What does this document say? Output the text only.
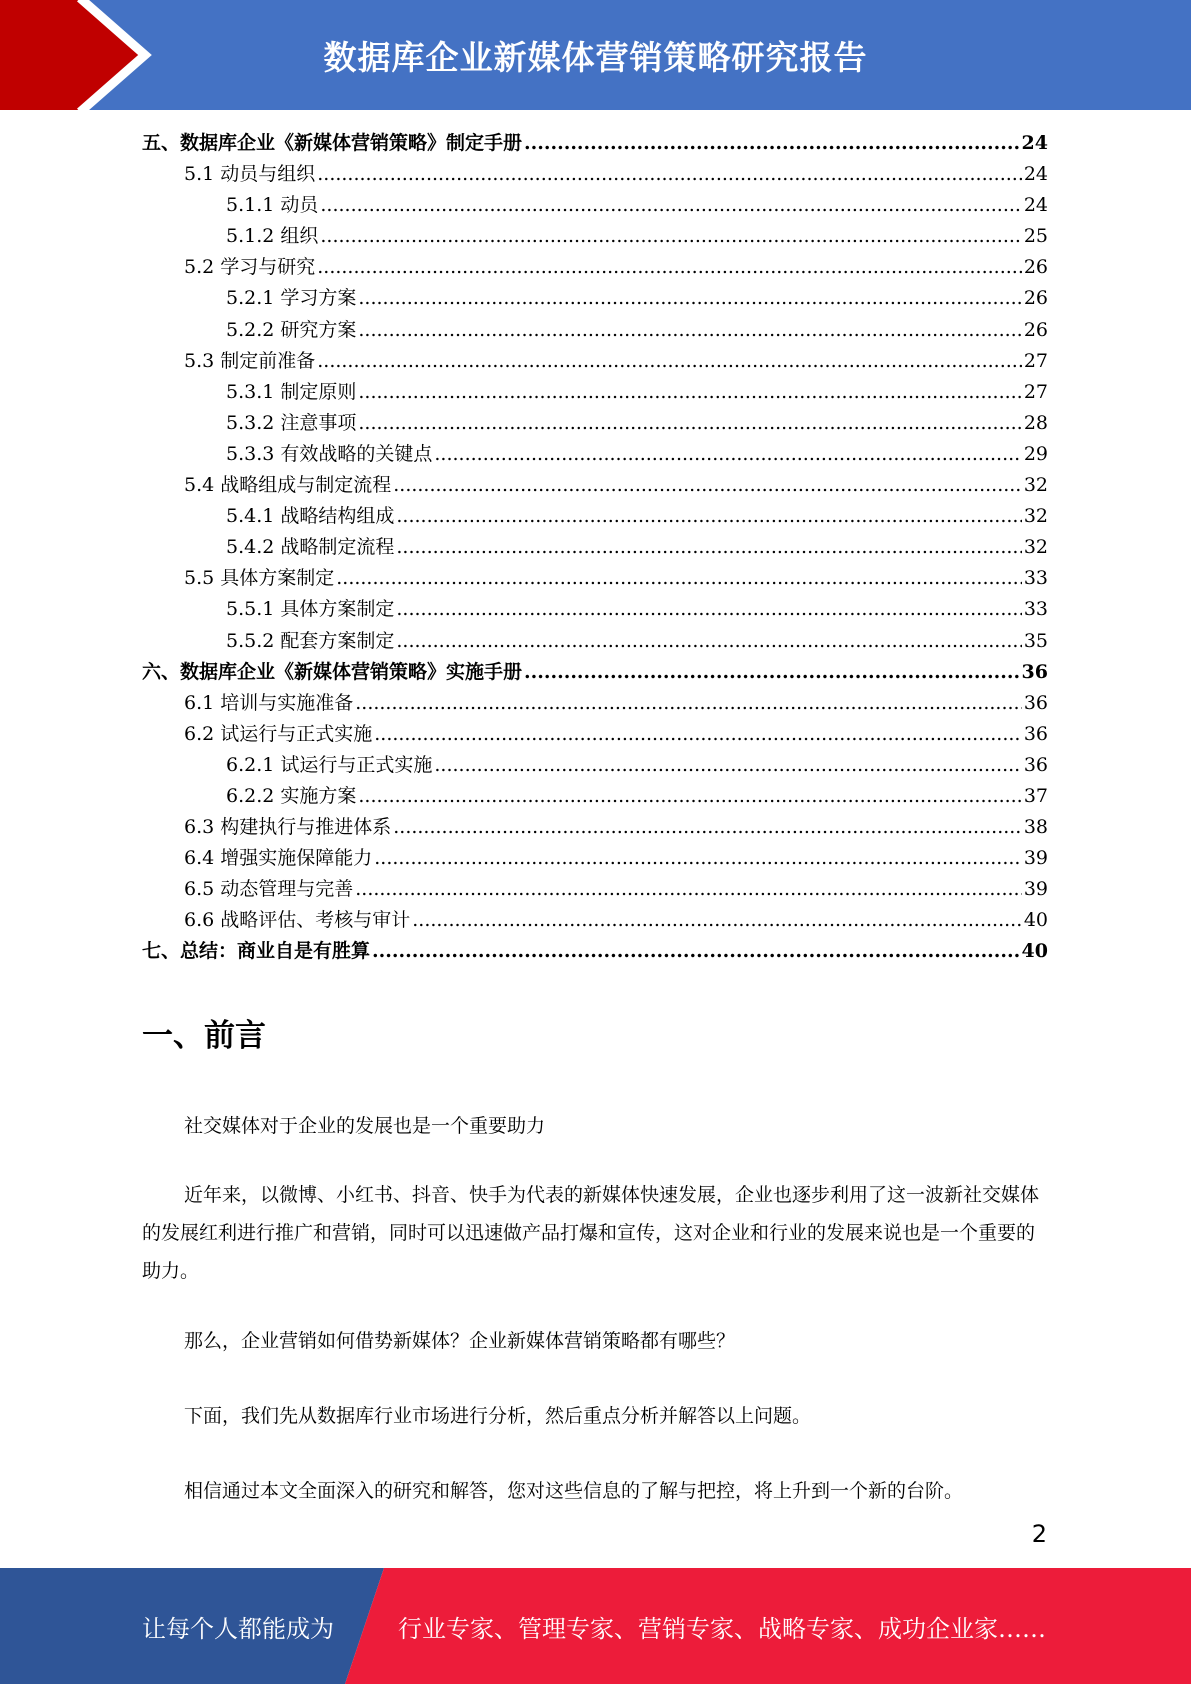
数据库企业新媒体营销策略研究报告
五、数据库企业《新媒体营销策略》制定手册 .....	24
5.1 动员与组织 .....	24
5.1.1 动员 .....	24
5.1.2 组织 .....	25
5.2 学习与研究 .....	26
5.2.1 学习方案 .....	26
5.2.2 研究方案 .....	26
5.3 制定前准备 .....	27
5.3.1 制定原则 .....	27
5.3.2 注意事项 .....	28
5.3.3 有效战略的关键点 .....	29
5.4 战略组成与制定流程 .....	32
5.4.1 战略结构组成 .....	32
5.4.2 战略制定流程 .....	32
5.5 具体方案制定 .....	33
5.5.1 具体方案制定 .....	33
5.5.2 配套方案制定 .....	35
六、数据库企业《新媒体营销策略》实施手册 .....	36
6.1 培训与实施准备 .....	36
6.2 试运行与正式实施 .....	36
6.2.1 试运行与正式实施 .....	36
6.2.2 实施方案 .....	37
6.3 构建执行与推进体系 .....	38
6.4 增强实施保障能力 .....	39
6.5 动态管理与完善 .....	39
6.6 战略评估、考核与审计 .....	40
七、总结：商业自是有胜算 .....	40
一、前言

社交媒体对于企业的发展也是一个重要助力

近年来，以微博、小红书、抖音、快手为代表的新媒体快速发展，企业也逐步利用了这一波新社交媒体的发展红利进行推广和营销，同时可以迅速做产品打爆和宣传，这对企业和行业的发展来说也是一个重要的助力。

那么，企业营销如何借势新媒体？企业新媒体营销策略都有哪些？

下面，我们先从数据库行业市场进行分析，然后重点分析并解答以上问题。

相信通过本文全面深入的研究和解答，您对这些信息的了解与把控，将上升到一个新的台阶。

2
让每个人都能成为	行业专家、管理专家、营销专家、战略专家、成功企业家……
